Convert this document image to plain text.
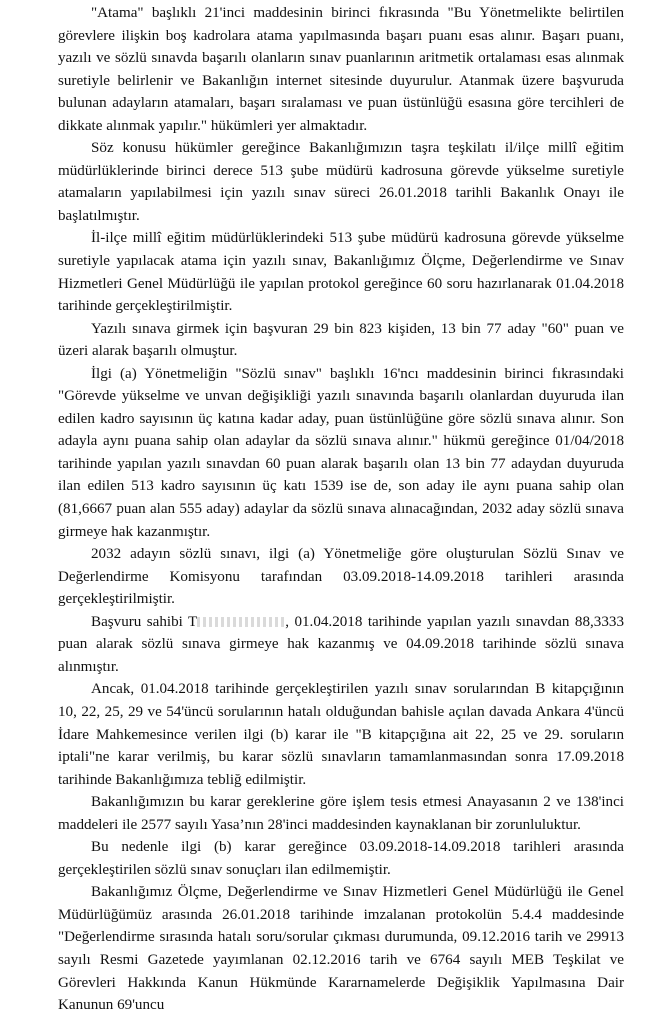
"Atama" başlıklı 21'inci maddesinin birinci fıkrasında "Bu Yönetmelikte belirtilen görevlere ilişkin boş kadrolara atama yapılmasında başarı puanı esas alınır. Başarı puanı, yazılı ve sözlü sınavda başarılı olanların sınav puanlarının aritmetik ortalaması esas alınmak suretiyle belirlenir ve Bakanlığın internet sitesinde duyurulur. Atanmak üzere başvuruda bulunan adayların atamaları, başarı sıralaması ve puan üstünlüğü esasına göre tercihleri de dikkate alınmak yapılır." hükümleri yer almaktadır.

Söz konusu hükümler gereğince Bakanlığımızın taşra teşkilatı il/ilçe millî eğitim müdürlüklerinde birinci derece 513 şube müdürü kadrosuna görevde yükselme suretiyle atamaların yapılabilmesi için yazılı sınav süreci 26.01.2018 tarihli Bakanlık Onayı ile başlatılmıştır.

İl-ilçe millî eğitim müdürlüklerindeki 513 şube müdürü kadrosuna görevde yükselme suretiyle yapılacak atama için yazılı sınav, Bakanlığımız Ölçme, Değerlendirme ve Sınav Hizmetleri Genel Müdürlüğü ile yapılan protokol gereğince 60 soru hazırlanarak 01.04.2018 tarihinde gerçekleştirilmiştir.

Yazılı sınava girmek için başvuran 29 bin 823 kişiden, 13 bin 77 aday "60" puan ve üzeri alarak başarılı olmuştur.

İlgi (a) Yönetmeliğin "Sözlü sınav" başlıklı 16'ncı maddesinin birinci fıkrasındaki "Görevde yükselme ve unvan değişikliği yazılı sınavında başarılı olanlardan duyuruda ilan edilen kadro sayısının üç katına kadar aday, puan üstünlüğüne göre sözlü sınava alınır. Son adayla aynı puana sahip olan adaylar da sözlü sınava alınır." hükmü gereğince 01/04/2018 tarihinde yapılan yazılı sınavdan 60 puan alarak başarılı olan 13 bin 77 adaydan duyuruda ilan edilen 513 kadro sayısının üç katı 1539 ise de, son aday ile aynı puana sahip olan (81,6667 puan alan 555 aday) adaylar da sözlü sınava alınacağından, 2032 aday sözlü sınava girmeye hak kazanmıştır.

2032 adayın sözlü sınavı, ilgi (a) Yönetmeliğe göre oluşturulan Sözlü Sınav ve Değerlendirme Komisyonu tarafından 03.09.2018-14.09.2018 tarihleri arasında gerçekleştirilmiştir.

Başvuru sahibi T	, 01.04.2018 tarihinde yapılan yazılı sınavdan 88,3333 puan alarak sözlü sınava girmeye hak kazanmış ve 04.09.2018 tarihinde sözlü sınava alınmıştır.

Ancak, 01.04.2018 tarihinde gerçekleştirilen yazılı sınav sorularından B kitapçığının 10, 22, 25, 29 ve 54'üncü sorularının hatalı olduğundan bahisle açılan davada Ankara 4'üncü İdare Mahkemesince verilen ilgi (b) karar ile "B kitapçığına ait 22, 25 ve 29. soruların iptali"ne karar verilmiş, bu karar sözlü sınavların tamamlanmasından sonra 17.09.2018 tarihinde Bakanlığımıza tebliğ edilmiştir.

Bakanlığımızın bu karar gereklerine göre işlem tesis etmesi Anayasanın 2 ve 138'inci maddeleri ile 2577 sayılı Yasa’nın 28'inci maddesinden kaynaklanan bir zorunluluktur.

Bu nedenle ilgi (b) karar gereğince 03.09.2018-14.09.2018 tarihleri arasında gerçekleştirilen sözlü sınav sonuçları ilan edilmemiştir.

Bakanlığımız Ölçme, Değerlendirme ve Sınav Hizmetleri Genel Müdürlüğü ile Genel Müdürlüğümüz arasında 26.01.2018 tarihinde imzalanan protokolün 5.4.4 maddesinde "Değerlendirme sırasında hatalı soru/sorular çıkması durumunda, 09.12.2016 tarih ve 29913 sayılı Resmi Gazetede yayımlanan 02.12.2016 tarih ve 6764 sayılı MEB Teşkilat ve Görevleri Hakkında Kanun Hükmünde Kararnamelerde Değişiklik Yapılmasına Dair Kanunun 69'uncu
